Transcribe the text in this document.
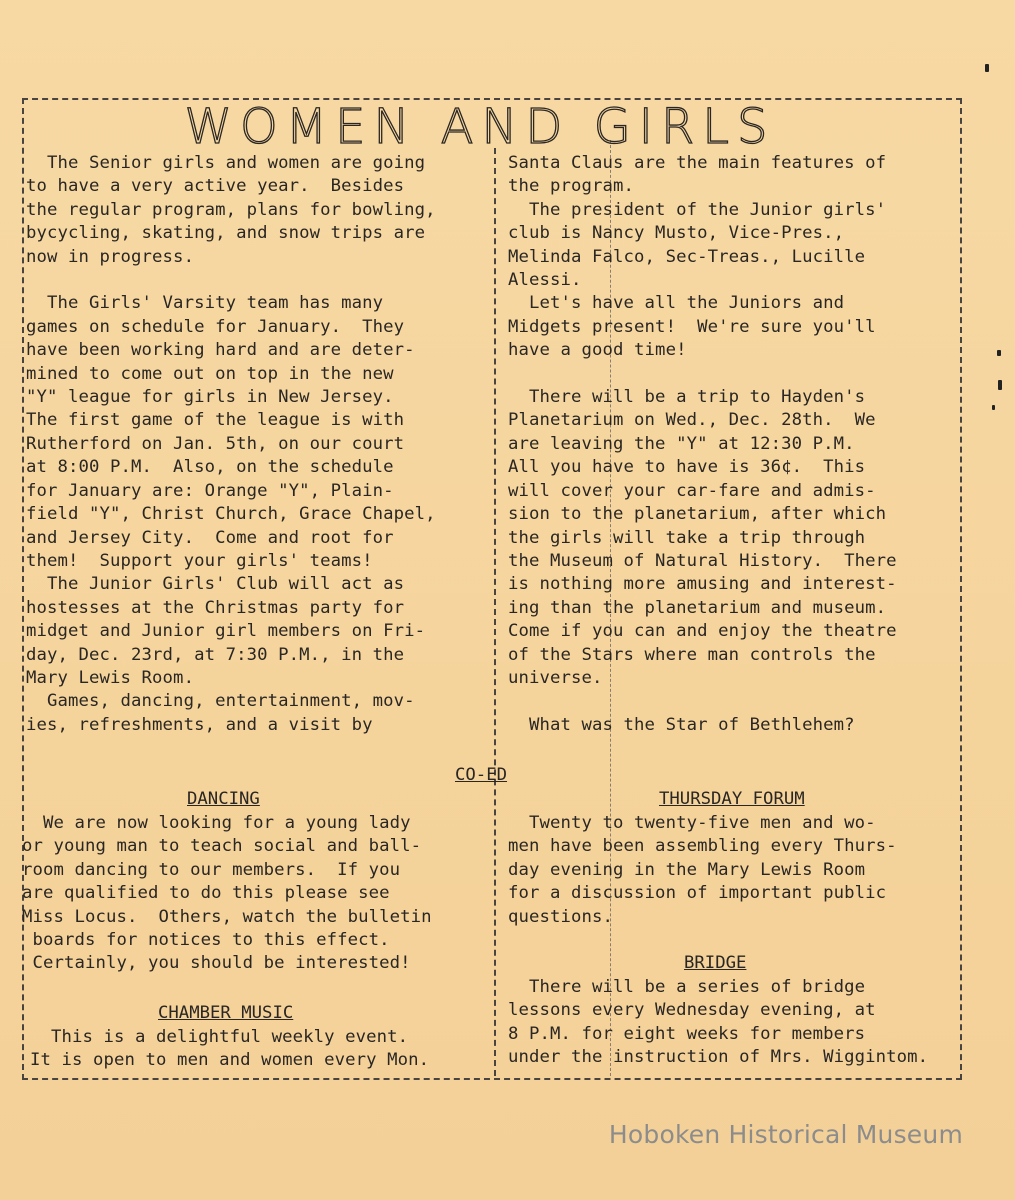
WOMEN AND GIRLS

The Senior girls and women are going

to have a very active year.  Besides

the regular program, plans for bowling,

bycycling, skating, and snow trips are

now in progress.

The Girls' Varsity team has many

games on schedule for January.  They

have been working hard and are deter-

mined to come out on top in the new

"Y" league for girls in New Jersey.

The first game of the league is with

Rutherford on Jan. 5th, on our court

at 8:00 P.M.  Also, on the schedule

for January are: Orange "Y", Plain-

field "Y", Christ Church, Grace Chapel,

and Jersey City.  Come and root for

them!  Support your girls' teams!

The Junior Girls' Club will act as

hostesses at the Christmas party for

midget and Junior girl members on Fri-

day, Dec. 23rd, at 7:30 P.M., in the

Mary Lewis Room.

Games, dancing, entertainment, mov-

ies, refreshments, and a visit by

Santa Claus are the main features of

the program.

The president of the Junior girls'

club is Nancy Musto, Vice-Pres.,

Melinda Falco, Sec-Treas., Lucille

Alessi.

Let's have all the Juniors and

Midgets present!  We're sure you'll

have a good time!

There will be a trip to Hayden's

Planetarium on Wed., Dec. 28th.  We

are leaving the "Y" at 12:30 P.M.

All you have to have is 36¢.  This

will cover your car-fare and admis-

sion to the planetarium, after which

the girls will take a trip through

the Museum of Natural History.  There

is nothing more amusing and interest-

ing than the planetarium and museum.

Come if you can and enjoy the theatre

of the Stars where man controls the

universe.

What was the Star of Bethlehem?

CO-ED
DANCING	THURSDAY FORUM
BRIDGE
CHAMBER MUSIC

We are now looking for a young lady

or young man to teach social and ball-

room dancing to our members.  If you

are qualified to do this please see

Miss Locus.  Others, watch the bulletin

boards for notices to this effect.

Certainly, you should be interested!

Twenty to twenty-five men and wo-

men have been assembling every Thurs-

day evening in the Mary Lewis Room

for a discussion of important public

questions.

There will be a series of bridge

lessons every Wednesday evening, at

8 P.M. for eight weeks for members

under the instruction of Mrs. Wiggintom.

This is a delightful weekly event.

It is open to men and women every Mon.

Hoboken Historical Museum
